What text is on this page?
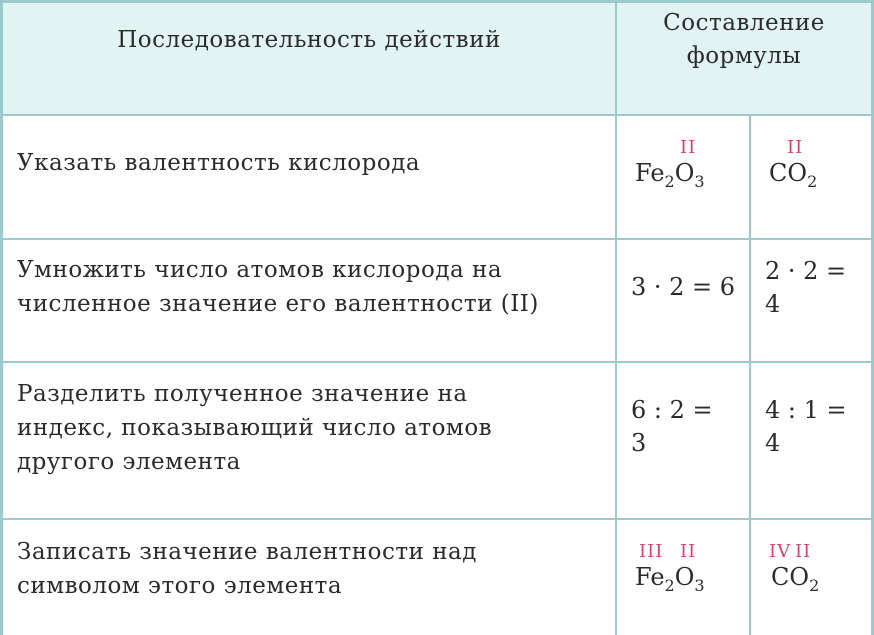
Последовательность действий
Составление
формулы
Указать валентность кислорода
II
$Fe_2O_3$
II
$CO_2$
Умножить число атомов кислорода на
численное значение его валентности (II)
3 · 2 = 6
2 · 2 =
4
Разделить полученное значение на
индекс, показывающий число атомов
другого элемента
6 : 2 =
3
4 : 1 =
4
Записать значение валентности над
символом этого элемента
III II
$Fe_2O_3$
IV II
$CO_2$
